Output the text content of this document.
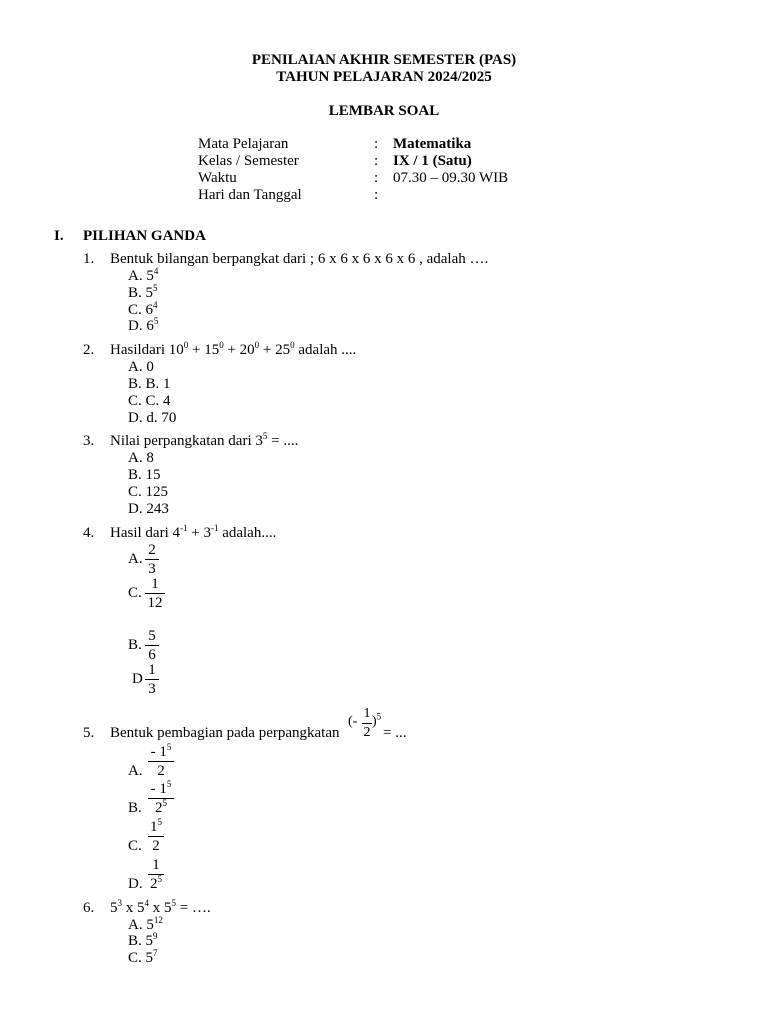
PENILAIAN AKHIR SEMESTER (PAS)
TAHUN PELAJARAN 2024/2025
LEMBAR SOAL
Mata Pelajaran	: Matematika
Kelas / Semester	: IX / 1 (Satu)
Waktu	: 07.30 – 09.30 WIB
Hari dan Tanggal	:
I. PILIHAN GANDA
1. Bentuk bilangan berpangkat dari ; 6 x 6 x 6 x 6 x 6 , adalah ….
A. $5^4$
B. $5^5$
C. $6^4$
D. $6^5$
2. Hasildari $10^0 + 15^0 + 20^0 + 25^0$ adalah ....
A. 0
B. B. 1
C. C. 4
D. d. 70
3. Nilai perpangkatan dari $3^5$ = ....
A. 8
B. 15
C. 125
D. 243
4. Hasil dari $4^{-1} + 3^{-1}$ adalah....
A.
2
3
C.
1
12
B.
5
6
D
1
3
5. Bentuk pembagian pada perpangkatan
(-
1
2
)$^5$
= ...
A.
- $1^5$
2
B.
- $1^5$
$2^5$
C.
$1^5$
2
D.
1
$2^5$
6. $5^3$ x $5^4$ x $5^5$ = ….
A. $5^{12}$
B. $5^9$
C. $5^7$
